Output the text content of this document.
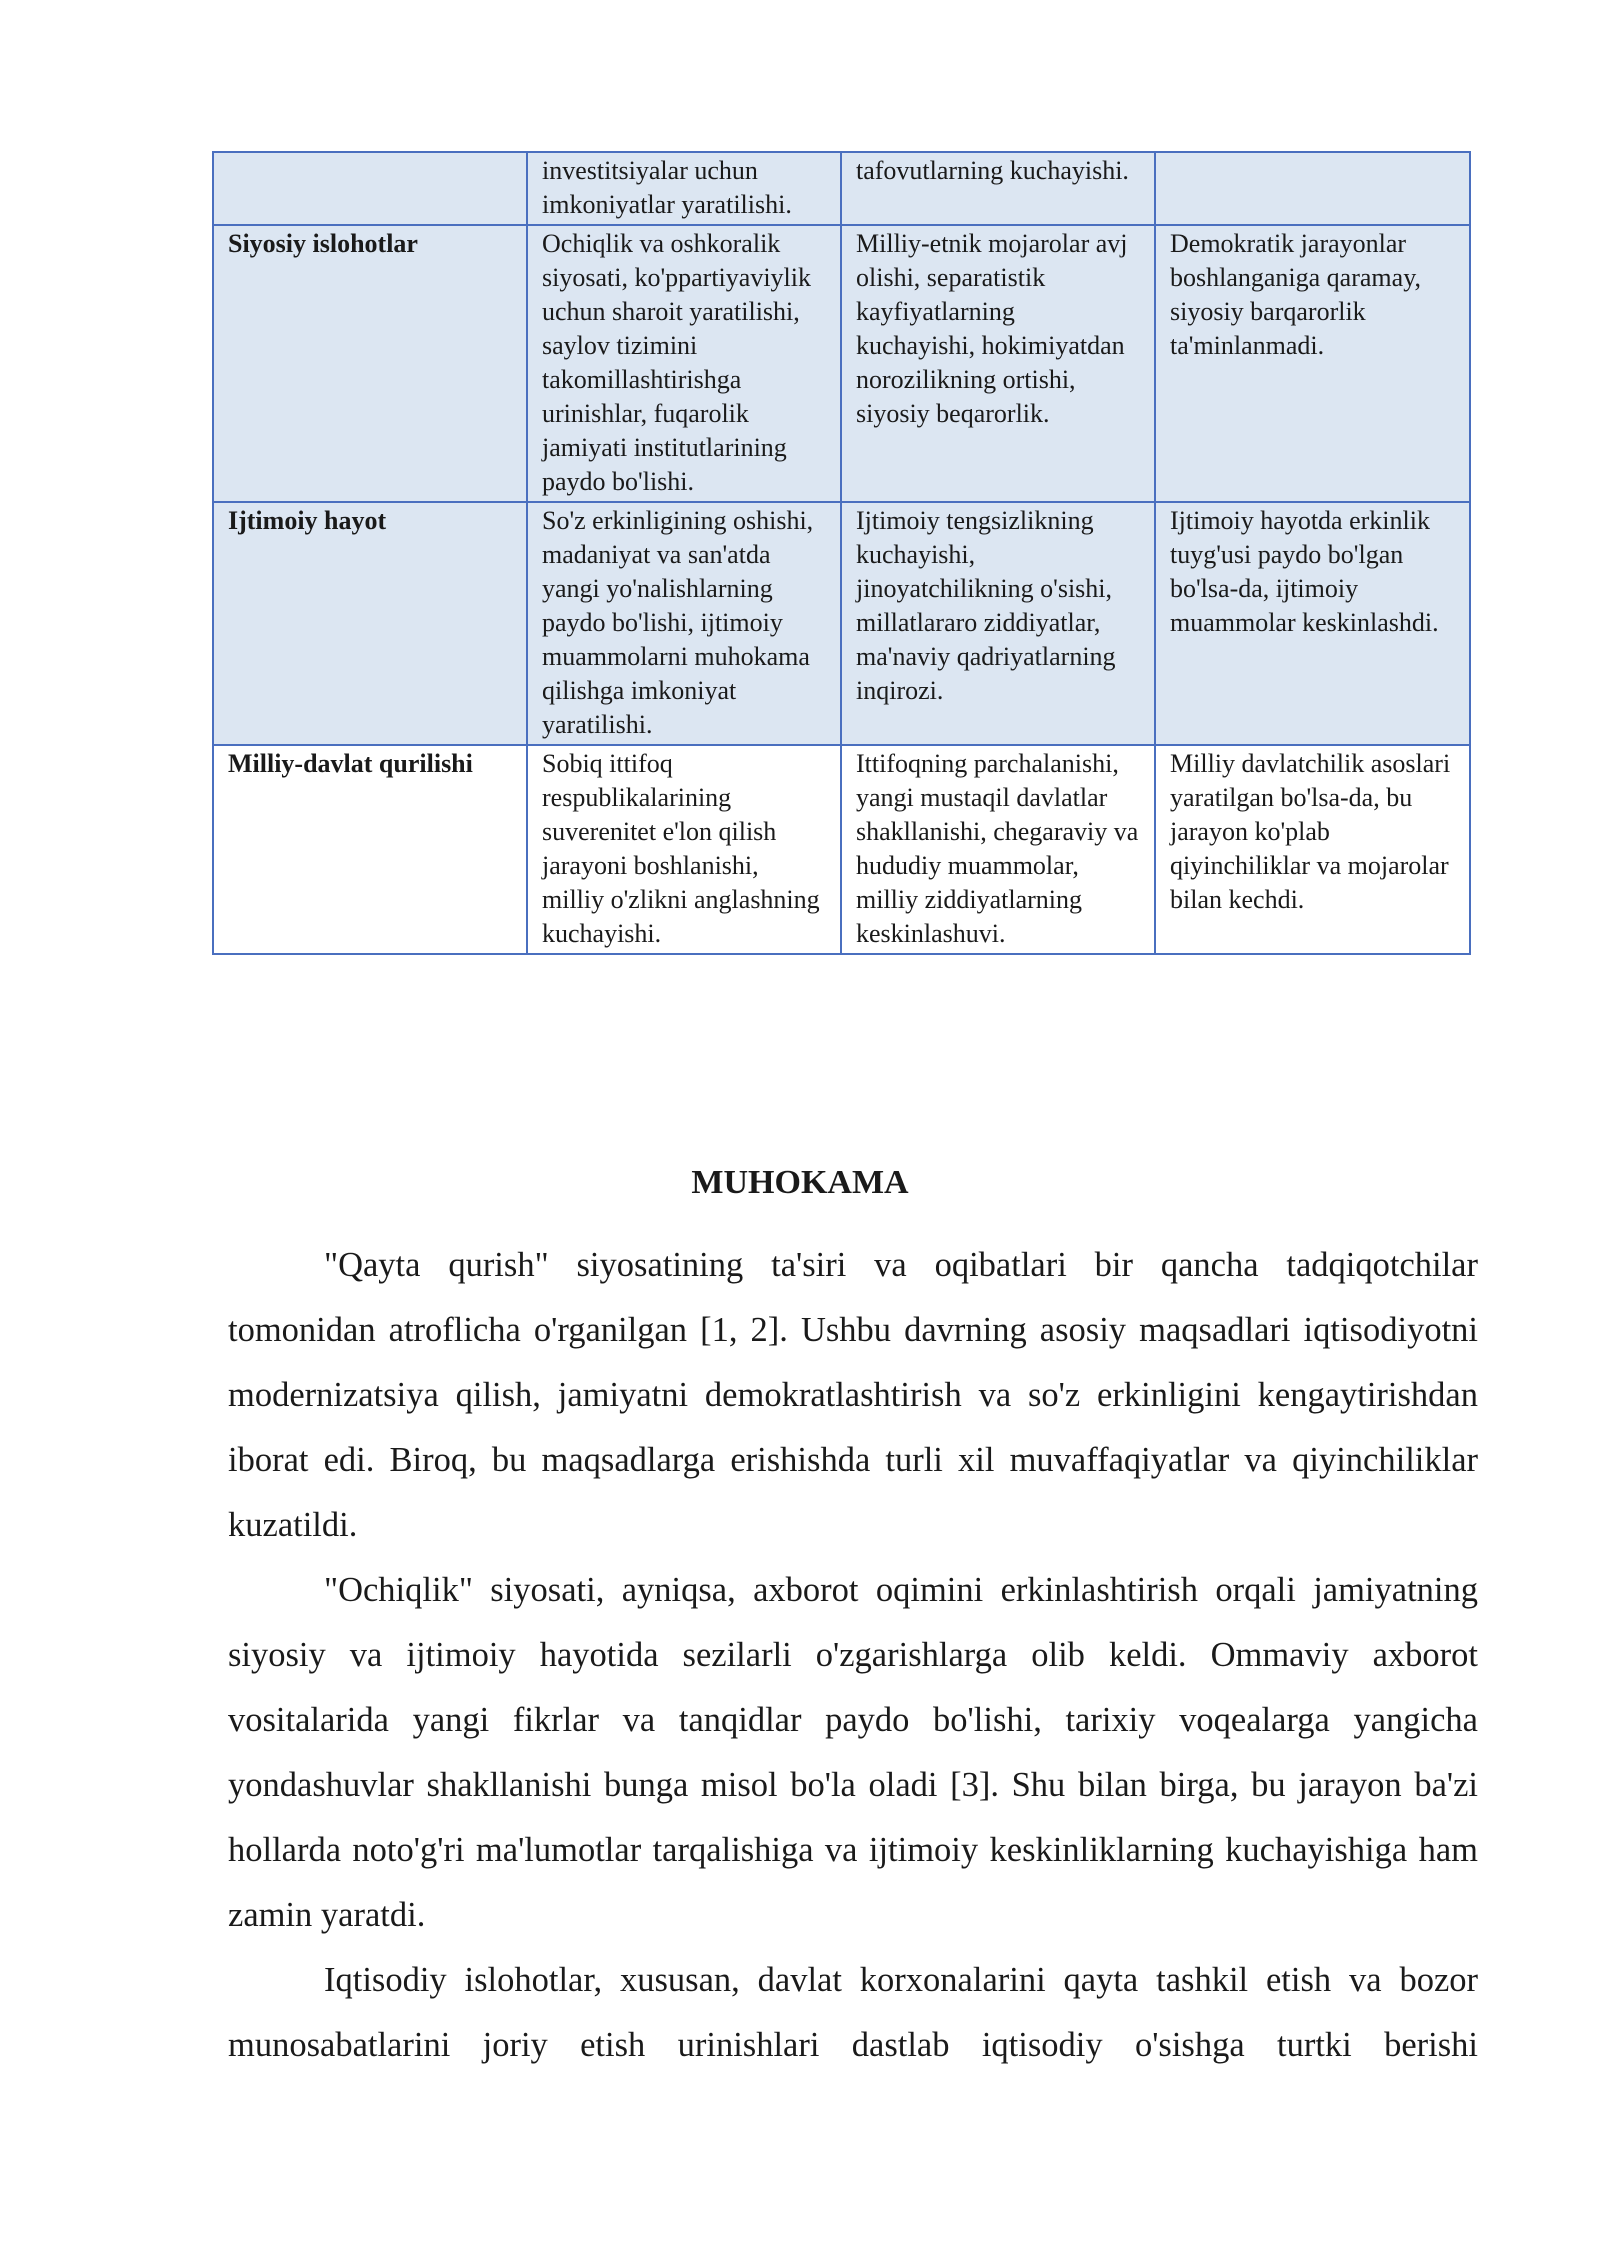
	investitsiyalar uchun imkoniyatlar yaratilishi.	tafovutlarning kuchayishi.	
Siyosiy islohotlar	Ochiqlik va oshkoralik siyosati, ko'ppartiyaviylik uchun sharoit yaratilishi, saylov tizimini takomillashtirishga urinishlar, fuqarolik jamiyati institutlarining paydo bo'lishi.	Milliy-etnik mojarolar avj olishi, separatistik kayfiyatlarning kuchayishi, hokimiyatdan norozilikning ortishi, siyosiy beqarorlik.	Demokratik jarayonlar boshlanganiga qaramay, siyosiy barqarorlik ta'minlanmadi.
Ijtimoiy hayot	So'z erkinligining oshishi, madaniyat va san'atda yangi yo'nalishlarning paydo bo'lishi, ijtimoiy muammolarni muhokama qilishga imkoniyat yaratilishi.	Ijtimoiy tengsizlikning kuchayishi, jinoyatchilikning o'sishi, millatlararo ziddiyatlar, ma'naviy qadriyatlarning inqirozi.	Ijtimoiy hayotda erkinlik tuyg'usi paydo bo'lgan bo'lsa-da, ijtimoiy muammolar keskinlashdi.
Milliy-davlat qurilishi	Sobiq ittifoq respublikalarining suverenitet e'lon qilish jarayoni boshlanishi, milliy o'zlikni anglashning kuchayishi.	Ittifoqning parchalanishi, yangi mustaqil davlatlar shakllanishi, chegaraviy va hududiy muammolar, milliy ziddiyatlarning keskinlashuvi.	Milliy davlatchilik asoslari yaratilgan bo'lsa-da, bu jarayon ko'plab qiyinchiliklar va mojarolar bilan kechdi.
MUHOKAMA

"Qayta qurish" siyosatining ta'siri va oqibatlari bir qancha tadqiqotchilar tomonidan atroflicha o'rganilgan [1, 2]. Ushbu davrning asosiy maqsadlari iqtisodiyotni modernizatsiya qilish, jamiyatni demokratlashtirish va so'z erkinligini kengaytirishdan iborat edi. Biroq, bu maqsadlarga erishishda turli xil muvaffaqiyatlar va qiyinchiliklar kuzatildi.

"Ochiqlik" siyosati, ayniqsa, axborot oqimini erkinlashtirish orqali jamiyatning siyosiy va ijtimoiy hayotida sezilarli o'zgarishlarga olib keldi. Ommaviy axborot vositalarida yangi fikrlar va tanqidlar paydo bo'lishi, tarixiy voqealarga yangicha yondashuvlar shakllanishi bunga misol bo'la oladi [3]. Shu bilan birga, bu jarayon ba'zi hollarda noto'g'ri ma'lumotlar tarqalishiga va ijtimoiy keskinliklarning kuchayishiga ham zamin yaratdi.

Iqtisodiy islohotlar, xususan, davlat korxonalarini qayta tashkil etish va bozor munosabatlarini joriy etish urinishlari dastlab iqtisodiy o'sishga turtki berishi
